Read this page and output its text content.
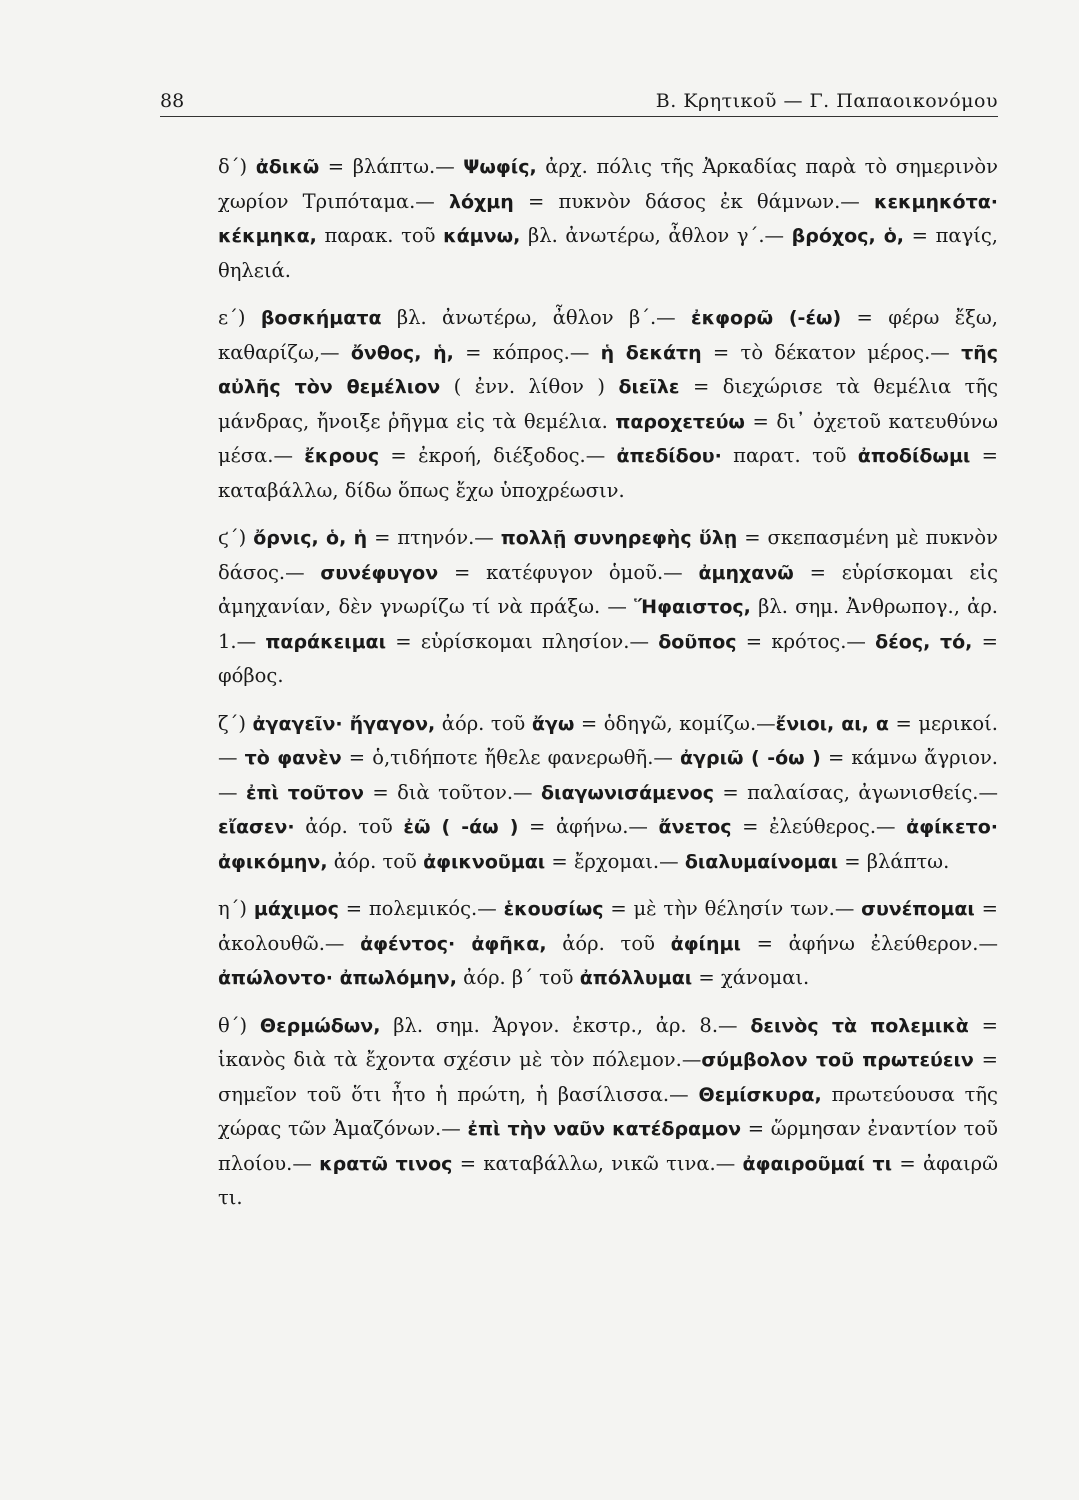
88	Β. Κρητικοῦ — Γ. Παπαοικονόμου

δ΄) ἀδικῶ = βλάπτω.— Ψωφίς, ἀρχ. πόλις τῆς Ἀρκαδίας παρὰ τὸ σημερινὸν χωρίον Τριπόταμα.— λόχμη = πυκνὸν δάσος ἐκ θάμνων.— κεκμηκότα· κέκμηκα, παρακ. τοῦ κάμνω, βλ. ἀνωτέρω, ἆθλον γ΄.— βρόχος, ὁ, = παγίς, θηλειά.

ε΄) βοσκήματα βλ. ἀνωτέρω, ἆθλον β΄.— ἐκφορῶ (-έω) = φέρω ἔξω, καθαρίζω,— ὄνθος, ἡ, = κόπρος.— ἡ δεκάτη = τὸ δέκατον μέρος.— τῆς αὐλῆς τὸν θεμέλιον ( ἐνν. λίθον ) διεῖλε = διεχώρισε τὰ θεμέλια τῆς μάνδρας, ἤνοιξε ῥῆγμα εἰς τὰ θεμέλια. παροχετεύω = δι᾽ ὀχετοῦ κατευθύνω μέσα.— ἔκρους = ἐκροή, διέξοδος.— ἀπεδίδου· παρατ. τοῦ ἀποδίδωμι = καταβάλλω, δίδω ὅπως ἔχω ὑποχρέωσιν.

ϛ΄) ὄρνις, ὁ, ἡ = πτηνόν.— πολλῇ συνηρεφὴς ὕλῃ = σκεπασμένη μὲ πυκνὸν δάσος.— συνέφυγον = κατέφυγον ὁμοῦ.— ἀμηχανῶ = εὑρίσκομαι εἰς ἀμηχανίαν, δὲν γνωρίζω τί νὰ πράξω. — Ἥφαιστος, βλ. σημ. Ἀνθρωπογ., ἀρ. 1.— παράκειμαι = εὑρίσκομαι πλησίον.— δοῦπος = κρότος.— δέος, τό, = φόβος.

ζ΄) ἀγαγεῖν· ἤγαγον, ἀόρ. τοῦ ἄγω = ὁδηγῶ, κομίζω.—ἔνιοι, αι, α = μερικοί.— τὸ φανὲν = ὁ,τιδήποτε ἤθελε φανερωθῆ.— ἀγριῶ ( -όω ) = κάμνω ἄγριον.— ἐπὶ τοῦτον = διὰ τοῦτον.— διαγωνισάμενος = παλαίσας, ἀγωνισθείς.— εἴασεν· ἀόρ. τοῦ ἐῶ ( -άω ) = ἀφήνω.— ἄνετος = ἐλεύθερος.— ἀφίκετο· ἀφικόμην, ἀόρ. τοῦ ἀφικνοῦμαι = ἔρχομαι.— διαλυμαίνομαι = βλάπτω.

η΄) μάχιμος = πολεμικός.— ἑκουσίως = μὲ τὴν θέλησίν των.— συνέπομαι = ἀκολουθῶ.— ἀφέντος· ἀφῆκα, ἀόρ. τοῦ ἀφίημι = ἀφήνω ἐλεύθερον.— ἀπώλοντο· ἀπωλόμην, ἀόρ. β΄ τοῦ ἀπόλλυμαι = χάνομαι.

θ΄) Θερμώδων, βλ. σημ. Ἀργον. ἐκστρ., ἀρ. 8.— δεινὸς τὰ πολεμικὰ = ἱκανὸς διὰ τὰ ἔχοντα σχέσιν μὲ τὸν πόλεμον.—σύμβολον τοῦ πρωτεύειν = σημεῖον τοῦ ὅτι ἦτο ἡ πρώτη, ἡ βασίλισσα.— Θεμίσκυρα, πρωτεύουσα τῆς χώρας τῶν Ἀμαζόνων.— ἐπὶ τὴν ναῦν κατέδραμον = ὥρμησαν ἐναντίον τοῦ πλοίου.— κρατῶ τινος = καταβάλλω, νικῶ τινα.— ἀφαιροῦμαί τι = ἀφαιρῶ τι.
